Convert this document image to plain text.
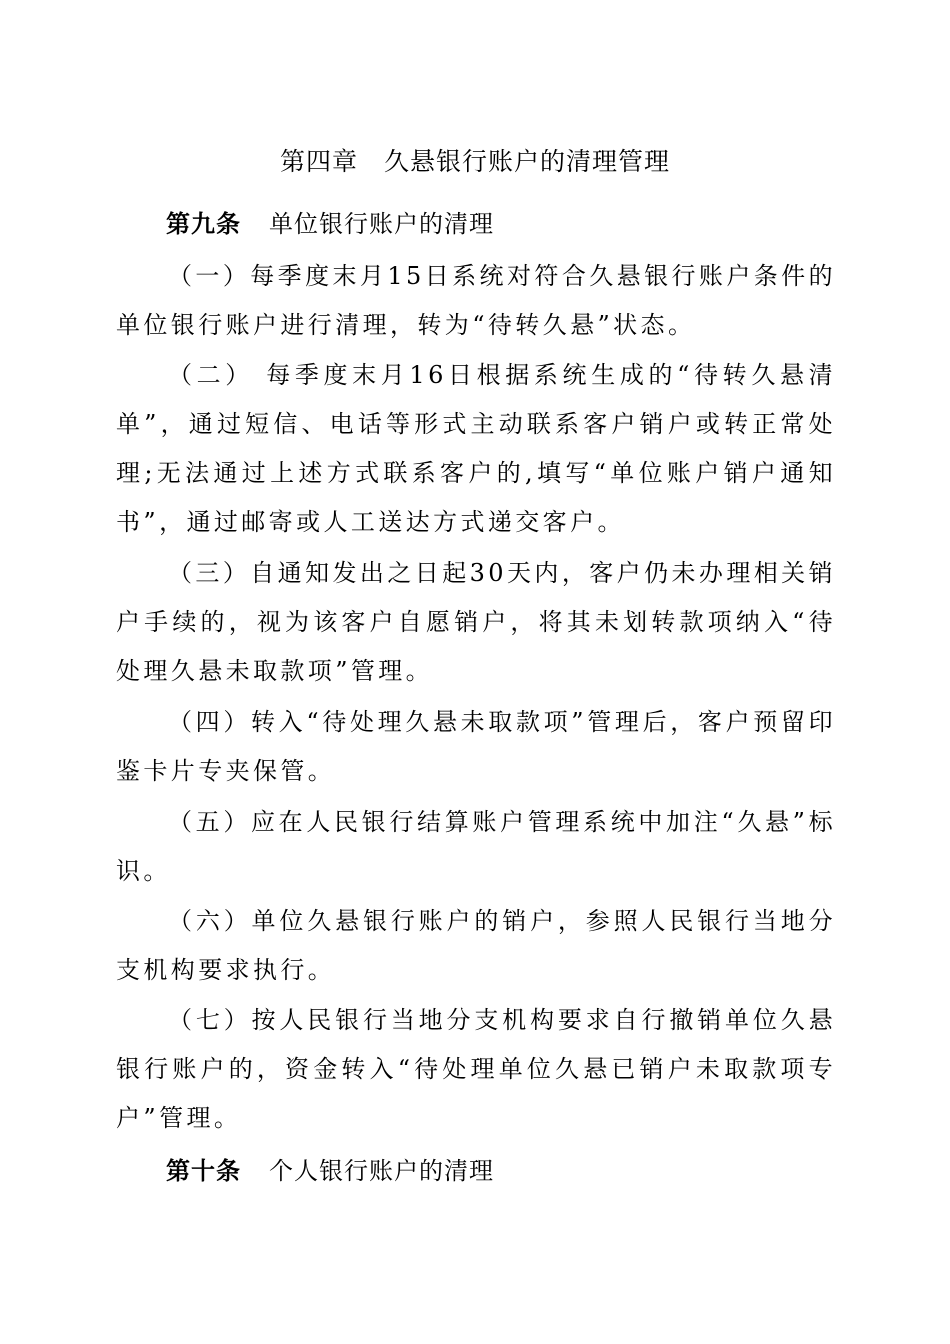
第四章　久悬银行账户的清理管理
第九条 单位银行账户的清理

（一）每季度末月15日系统对符合久悬银行账户条件的单位银行账户进行清理，转为“待转久悬”状态。

（二） 每季度末月16日根据系统生成的“待转久悬清单”，通过短信、电话等形式主动联系客户销户或转正常处理;无法通过上述方式联系客户的,填写“单位账户销户通知书”，通过邮寄或人工送达方式递交客户。

（三）自通知发出之日起30天内，客户仍未办理相关销户手续的，视为该客户自愿销户，将其未划转款项纳入“待处理久悬未取款项”管理。

（四）转入“待处理久悬未取款项”管理后，客户预留印鉴卡片专夹保管。

（五）应在人民银行结算账户管理系统中加注“久悬”标识。

（六）单位久悬银行账户的销户，参照人民银行当地分支机构要求执行。

（七）按人民银行当地分支机构要求自行撤销单位久悬银行账户的，资金转入“待处理单位久悬已销户未取款项专户”管理。

第十条 个人银行账户的清理
